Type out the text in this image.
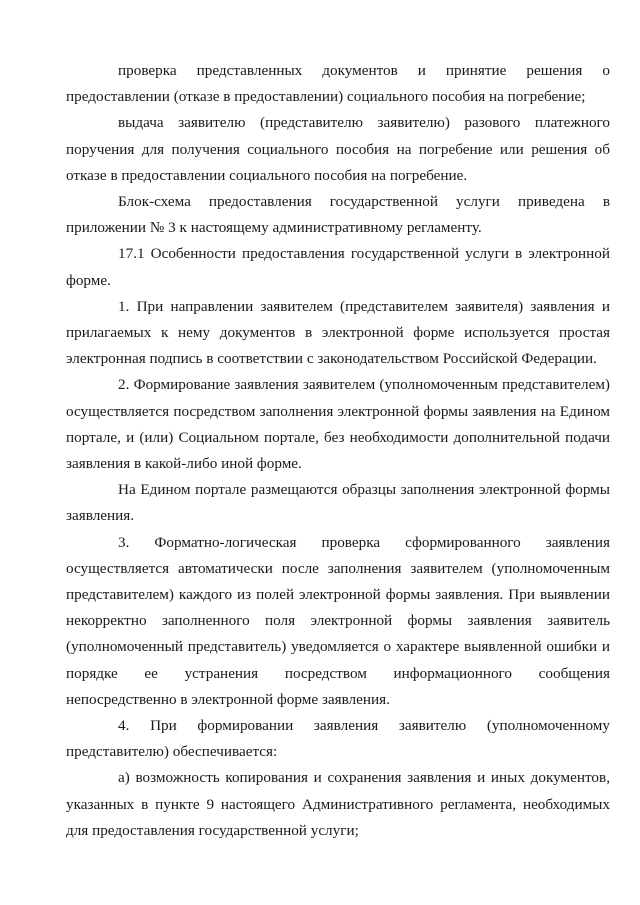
проверка представленных документов и принятие решения о предоставлении (отказе в предоставлении) социального пособия на погребение;

выдача заявителю (представителю заявителю) разового платежного поручения для получения социального пособия на погребение или решения об отказе в предоставлении социального пособия на погребение.

Блок-схема предоставления государственной услуги приведена в приложении № 3 к настоящему административному регламенту.

17.1 Особенности предоставления государственной услуги в электронной форме.

1. При направлении заявителем (представителем заявителя) заявления и прилагаемых к нему документов в электронной форме используется простая электронная подпись в соответствии с законодательством Российской Федерации.

2. Формирование заявления заявителем (уполномоченным представителем) осуществляется посредством заполнения электронной формы заявления на Едином портале, и (или) Социальном портале, без необходимости дополнительной подачи заявления в какой-либо иной форме.

На Едином портале размещаются образцы заполнения электронной формы заявления.

3. Форматно-логическая проверка сформированного заявления осуществляется автоматически после заполнения заявителем (уполномоченным представителем) каждого из полей электронной формы заявления. При выявлении некорректно заполненного поля электронной формы заявления заявитель (уполномоченный представитель) уведомляется о характере выявленной ошибки и порядке ее устранения посредством информационного сообщения непосредственно в электронной форме заявления.

4. При формировании заявления заявителю (уполномоченному представителю) обеспечивается:

а) возможность копирования и сохранения заявления и иных документов, указанных в пункте 9 настоящего Административного регламента, необходимых для предоставления государственной услуги;
